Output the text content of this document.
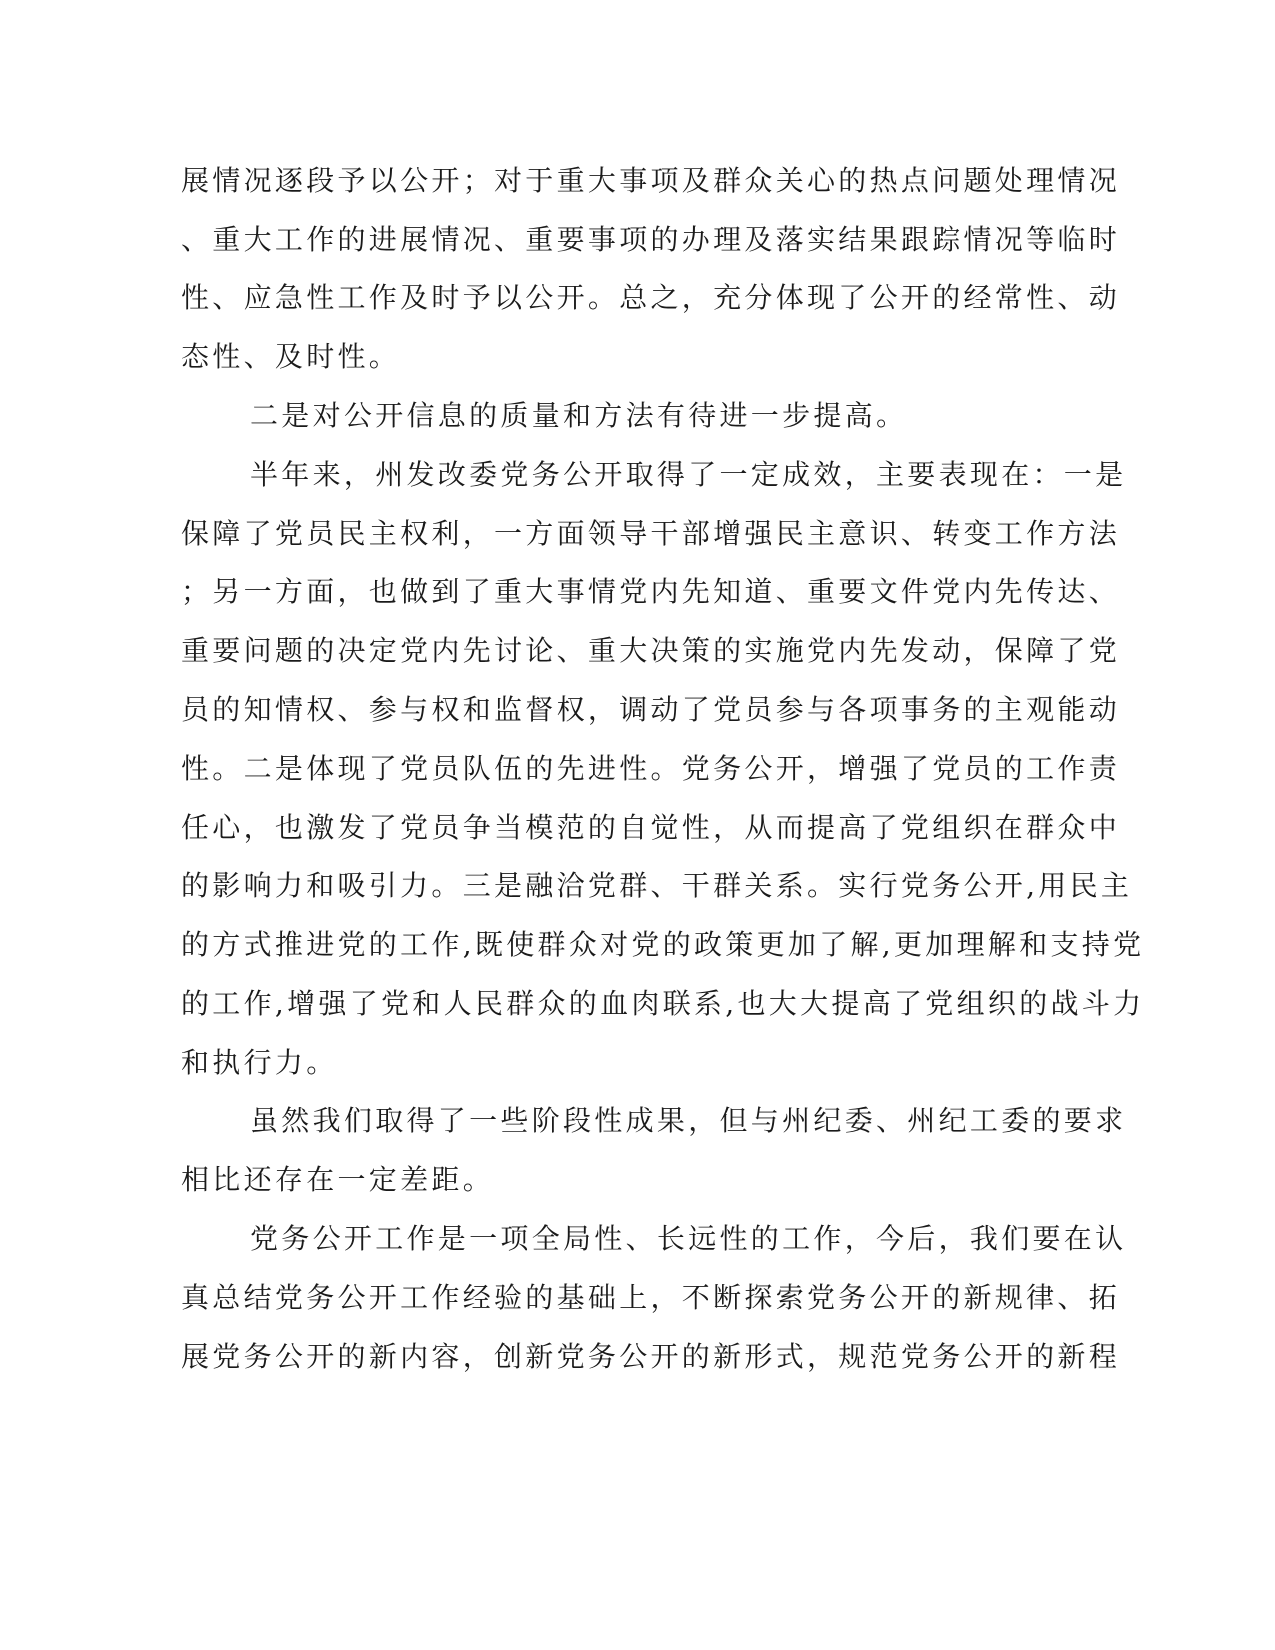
展情况逐段予以公开；对于重大事项及群众关心的热点问题处理情况
、重大工作的进展情况、重要事项的办理及落实结果跟踪情况等临时
性、应急性工作及时予以公开。总之，充分体现了公开的经常性、动
态性、及时性。
二是对公开信息的质量和方法有待进一步提高。
半年来，州发改委党务公开取得了一定成效，主要表现在：一是
保障了党员民主权利，一方面领导干部增强民主意识、转变工作方法
；另一方面，也做到了重大事情党内先知道、重要文件党内先传达、
重要问题的决定党内先讨论、重大决策的实施党内先发动，保障了党
员的知情权、参与权和监督权，调动了党员参与各项事务的主观能动
性。二是体现了党员队伍的先进性。党务公开，增强了党员的工作责
任心，也激发了党员争当模范的自觉性，从而提高了党组织在群众中
的影响力和吸引力。三是融洽党群、干群关系。实行党务公开,用民主
的方式推进党的工作,既使群众对党的政策更加了解,更加理解和支持党
的工作,增强了党和人民群众的血肉联系,也大大提高了党组织的战斗力
和执行力。
虽然我们取得了一些阶段性成果，但与州纪委、州纪工委的要求
相比还存在一定差距。
党务公开工作是一项全局性、长远性的工作，今后，我们要在认
真总结党务公开工作经验的基础上，不断探索党务公开的新规律、拓
展党务公开的新内容，创新党务公开的新形式，规范党务公开的新程
